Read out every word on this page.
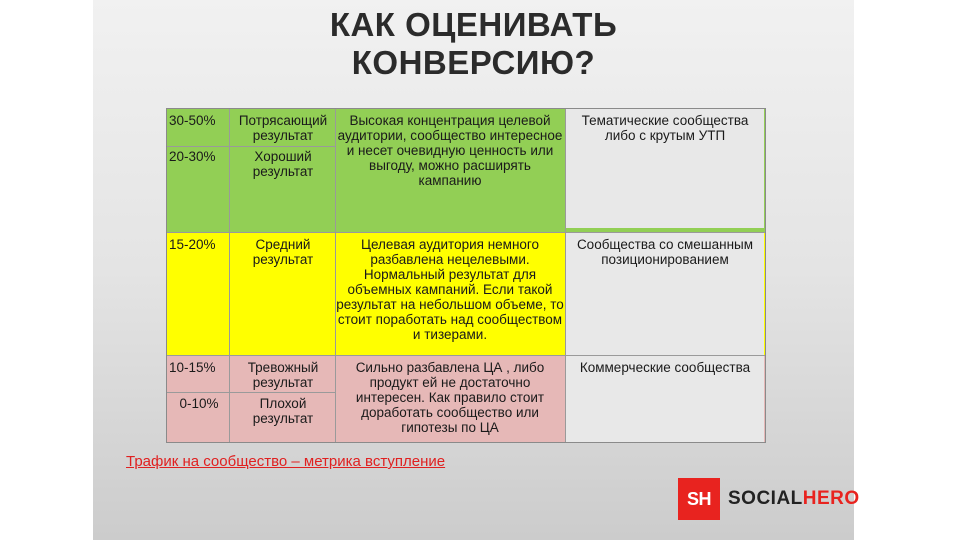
КАК ОЦЕНИВАТЬ
КОНВЕРСИЮ?
30-50%	Потрясающий результат
20-30%	Хороший результат
Высокая концентрация целевой аудитории, сообщество интересное и несет очевидную ценность или выгоду, можно расширять кампанию
Тематические сообщества либо с крутым УТП
15-20%	Средний результат
Целевая аудитория немного разбавлена нецелевыми. Нормальный результат для объемных кампаний. Если такой результат на небольшом объеме, то стоит поработать над сообществом и тизерами.
Сообщества со смешанным позиционированием
10-15%	Тревожный результат
0-10%	Плохой результат
Сильно разбавлена ЦА , либо продукт ей не достаточно интересен. Как правило стоит доработать сообщество или гипотезы по ЦА
Коммерческие сообщества
Трафик на сообщество – метрика вступление
SH SOCIALHERO
